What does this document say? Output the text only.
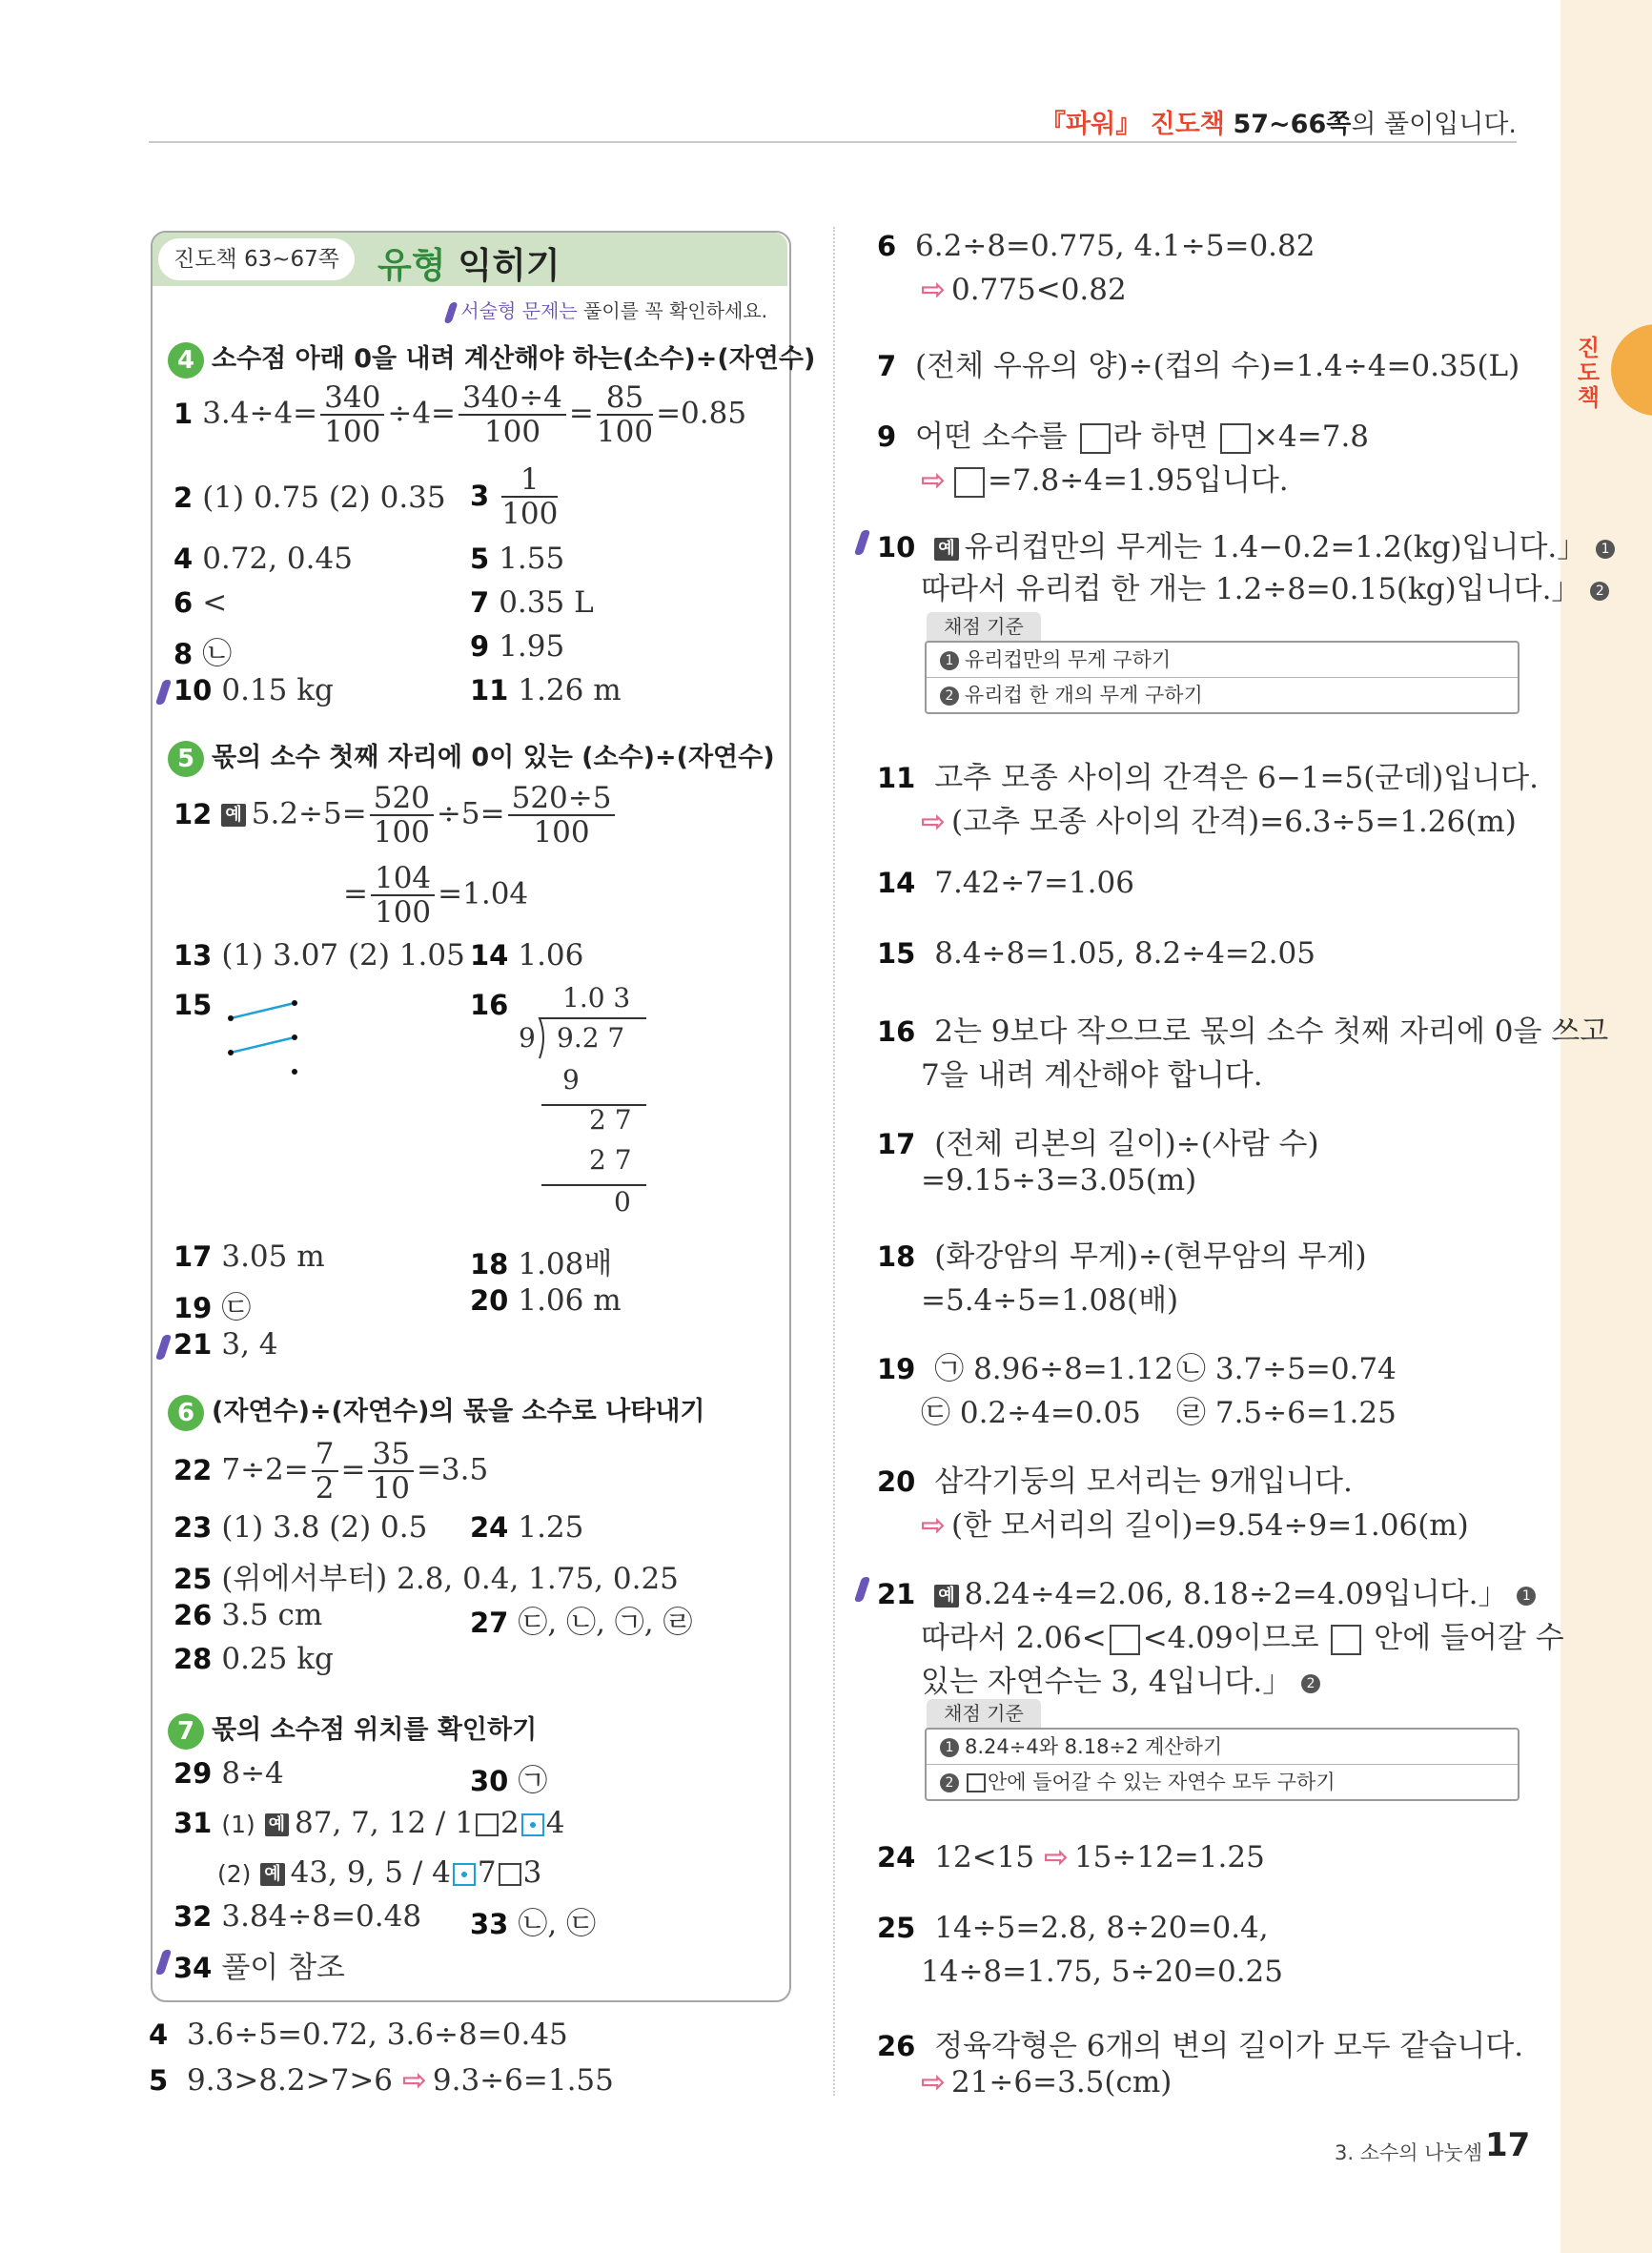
진도책
『파워』 진도책 57~66쪽의 풀이입니다.
진도책 63~67쪽	유형 익히기
서술형 문제는 풀이를 꼭 확인하세요.
4 소수점 아래 0을 내려 계산해야 하는(소수)÷(자연수)
1 $3.4\div 4= \frac{340}{100} \div 4= \frac{340\div 4}{100} = \frac{85}{100} =0.85$
2 (1) 0.75 (2) 0.35 $3 \frac{1}{100}$
4 0.72, 0.45	5 1.55
6 <	7 0.35 L
8 ㉡	9 1.95
10 0.15 kg	11 1.26 m
5 몫의 소수 첫째 자리에 0이 있는 (소수)÷(자연수)
12 예 $5.2\div 5= \frac{520}{100} \div 5= \frac{520\div 5}{100}$
= $\frac{104}{100} =1.04$
13 (1) 3.07 (2) 1.05 14 1.06
15	16	1.0 3
9 9.2 7
9
2 7
2 7
0
17 3.05 m	18 1.08배
19 ㉢	20 1.06 m
21 3, 4
6 (자연수)÷(자연수)의 몫을 소수로 나타내기
22 $7\div 2= \frac{7}{2} = \frac{35}{10} =3.5$
23 (1) 3.8 (2) 0.5 24 1.25
25 (위에서부터) 2.8, 0.4, 1.75, 0.25
26 3.5 cm	27 ㉢, ㉡, ㉠, ㉣
28 0.25 kg
7 몫의 소수점 위치를 확인하기
29 8÷4	30 ㉠
31 (1) 예 87, 7, 12 / 1 2 4
(2) 예 43, 9, 5 / 4 7 3
32 3.84÷8=0.48 33 ㉡, ㉢
34 풀이 참조
4 3.6÷5=0.72, 3.6÷8=0.45
5 9.3>8.2>7>6 ⇨ 9.3÷6=1.55
6 6.2÷8=0.775, 4.1÷5=0.82
⇨ 0.775<0.82
7 (전체 우유의 양)÷(컵의 수)=1.4÷4=0.35(L)
9 어떤 소수를 라 하면 ×4=7.8
⇨ =7.8÷4=1.95입니다.
10 예 유리컵만의 무게는 1.4−0.2=1.2(kg)입니다.」 1
따라서 유리컵 한 개는 1.2÷8=0.15(kg)입니다.」 2
채점 기준
1 유리컵만의 무게 구하기
2 유리컵 한 개의 무게 구하기
11 고추 모종 사이의 간격은 6−1=5(군데)입니다.
⇨ (고추 모종 사이의 간격)=6.3÷5=1.26(m)
14 7.42÷7=1.06
15 8.4÷8=1.05, 8.2÷4=2.05
16 2는 9보다 작으므로 몫의 소수 첫째 자리에 0을 쓰고
7을 내려 계산해야 합니다.
17 (전체 리본의 길이)÷(사람 수)
=9.15÷3=3.05(m)
18 (화강암의 무게)÷(현무암의 무게)
=5.4÷5=1.08(배)
19 ㉠ 8.96÷8=1.12 ㉡ 3.7÷5=0.74
㉢ 0.2÷4=0.05 ㉣ 7.5÷6=1.25
20 삼각기둥의 모서리는 9개입니다.
⇨ (한 모서리의 길이)=9.54÷9=1.06(m)
21 예 8.24÷4=2.06, 8.18÷2=4.09입니다.」 1
따라서 2.06< <4.09이므로  안에 들어갈 수
있는 자연수는 3, 4입니다.」 2
채점 기준
1 8.24÷4와 8.18÷2 계산하기
2 안에 들어갈 수 있는 자연수 모두 구하기
24 12<15 ⇨ 15÷12=1.25
25 14÷5=2.8, 8÷20=0.4,
14÷8=1.75, 5÷20=0.25
26 정육각형은 6개의 변의 길이가 모두 같습니다.
⇨ 21÷6=3.5(cm)
3. 소수의 나눗셈 17
